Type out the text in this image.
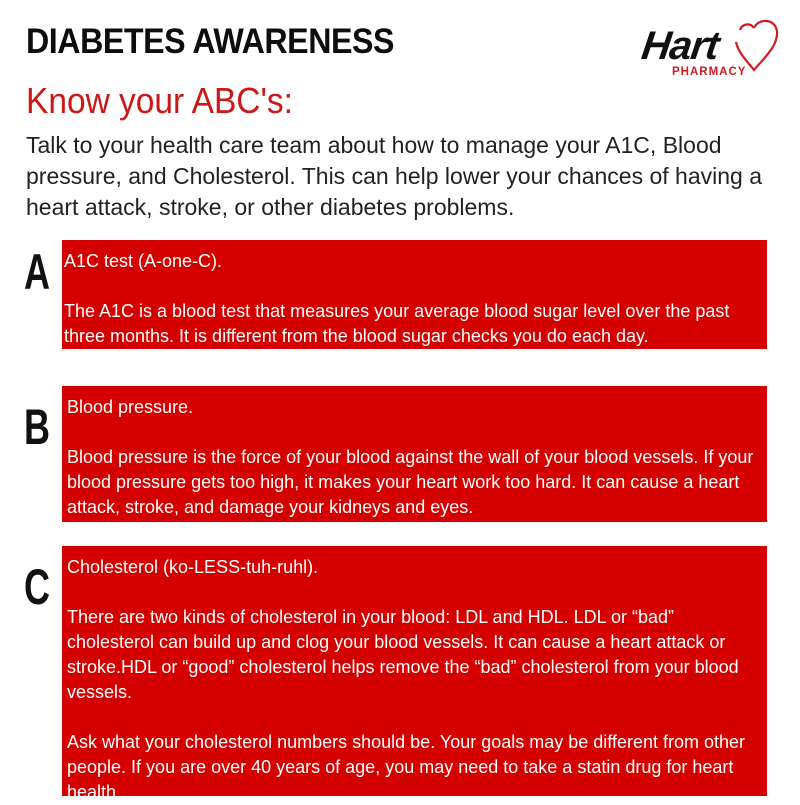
DIABETES AWARENESS
Know your ABC's:
Talk to your health care team about how to manage your A1C, Blood pressure, and Cholesterol. This can help lower your chances of having a heart attack, stroke, or other diabetes problems.
Hart
PHARMACY
A A1C test (A-one-C).

The A1C is a blood test that measures your average blood sugar level over the past three months. It is different from the blood sugar checks you do each day.

B Blood pressure.

Blood pressure is the force of your blood against the wall of your blood vessels. If your blood pressure gets too high, it makes your heart work too hard. It can cause a heart attack, stroke, and damage your kidneys and eyes.

C Cholesterol (ko-LESS-tuh-ruhl).

There are two kinds of cholesterol in your blood: LDL and HDL. LDL or “bad” cholesterol can build up and clog your blood vessels. It can cause a heart attack or stroke.HDL or “good” cholesterol helps remove the “bad” cholesterol from your blood vessels.

Ask what your cholesterol numbers should be. Your goals may be different from other people. If you are over 40 years of age, you may need to take a statin drug for heart health.
